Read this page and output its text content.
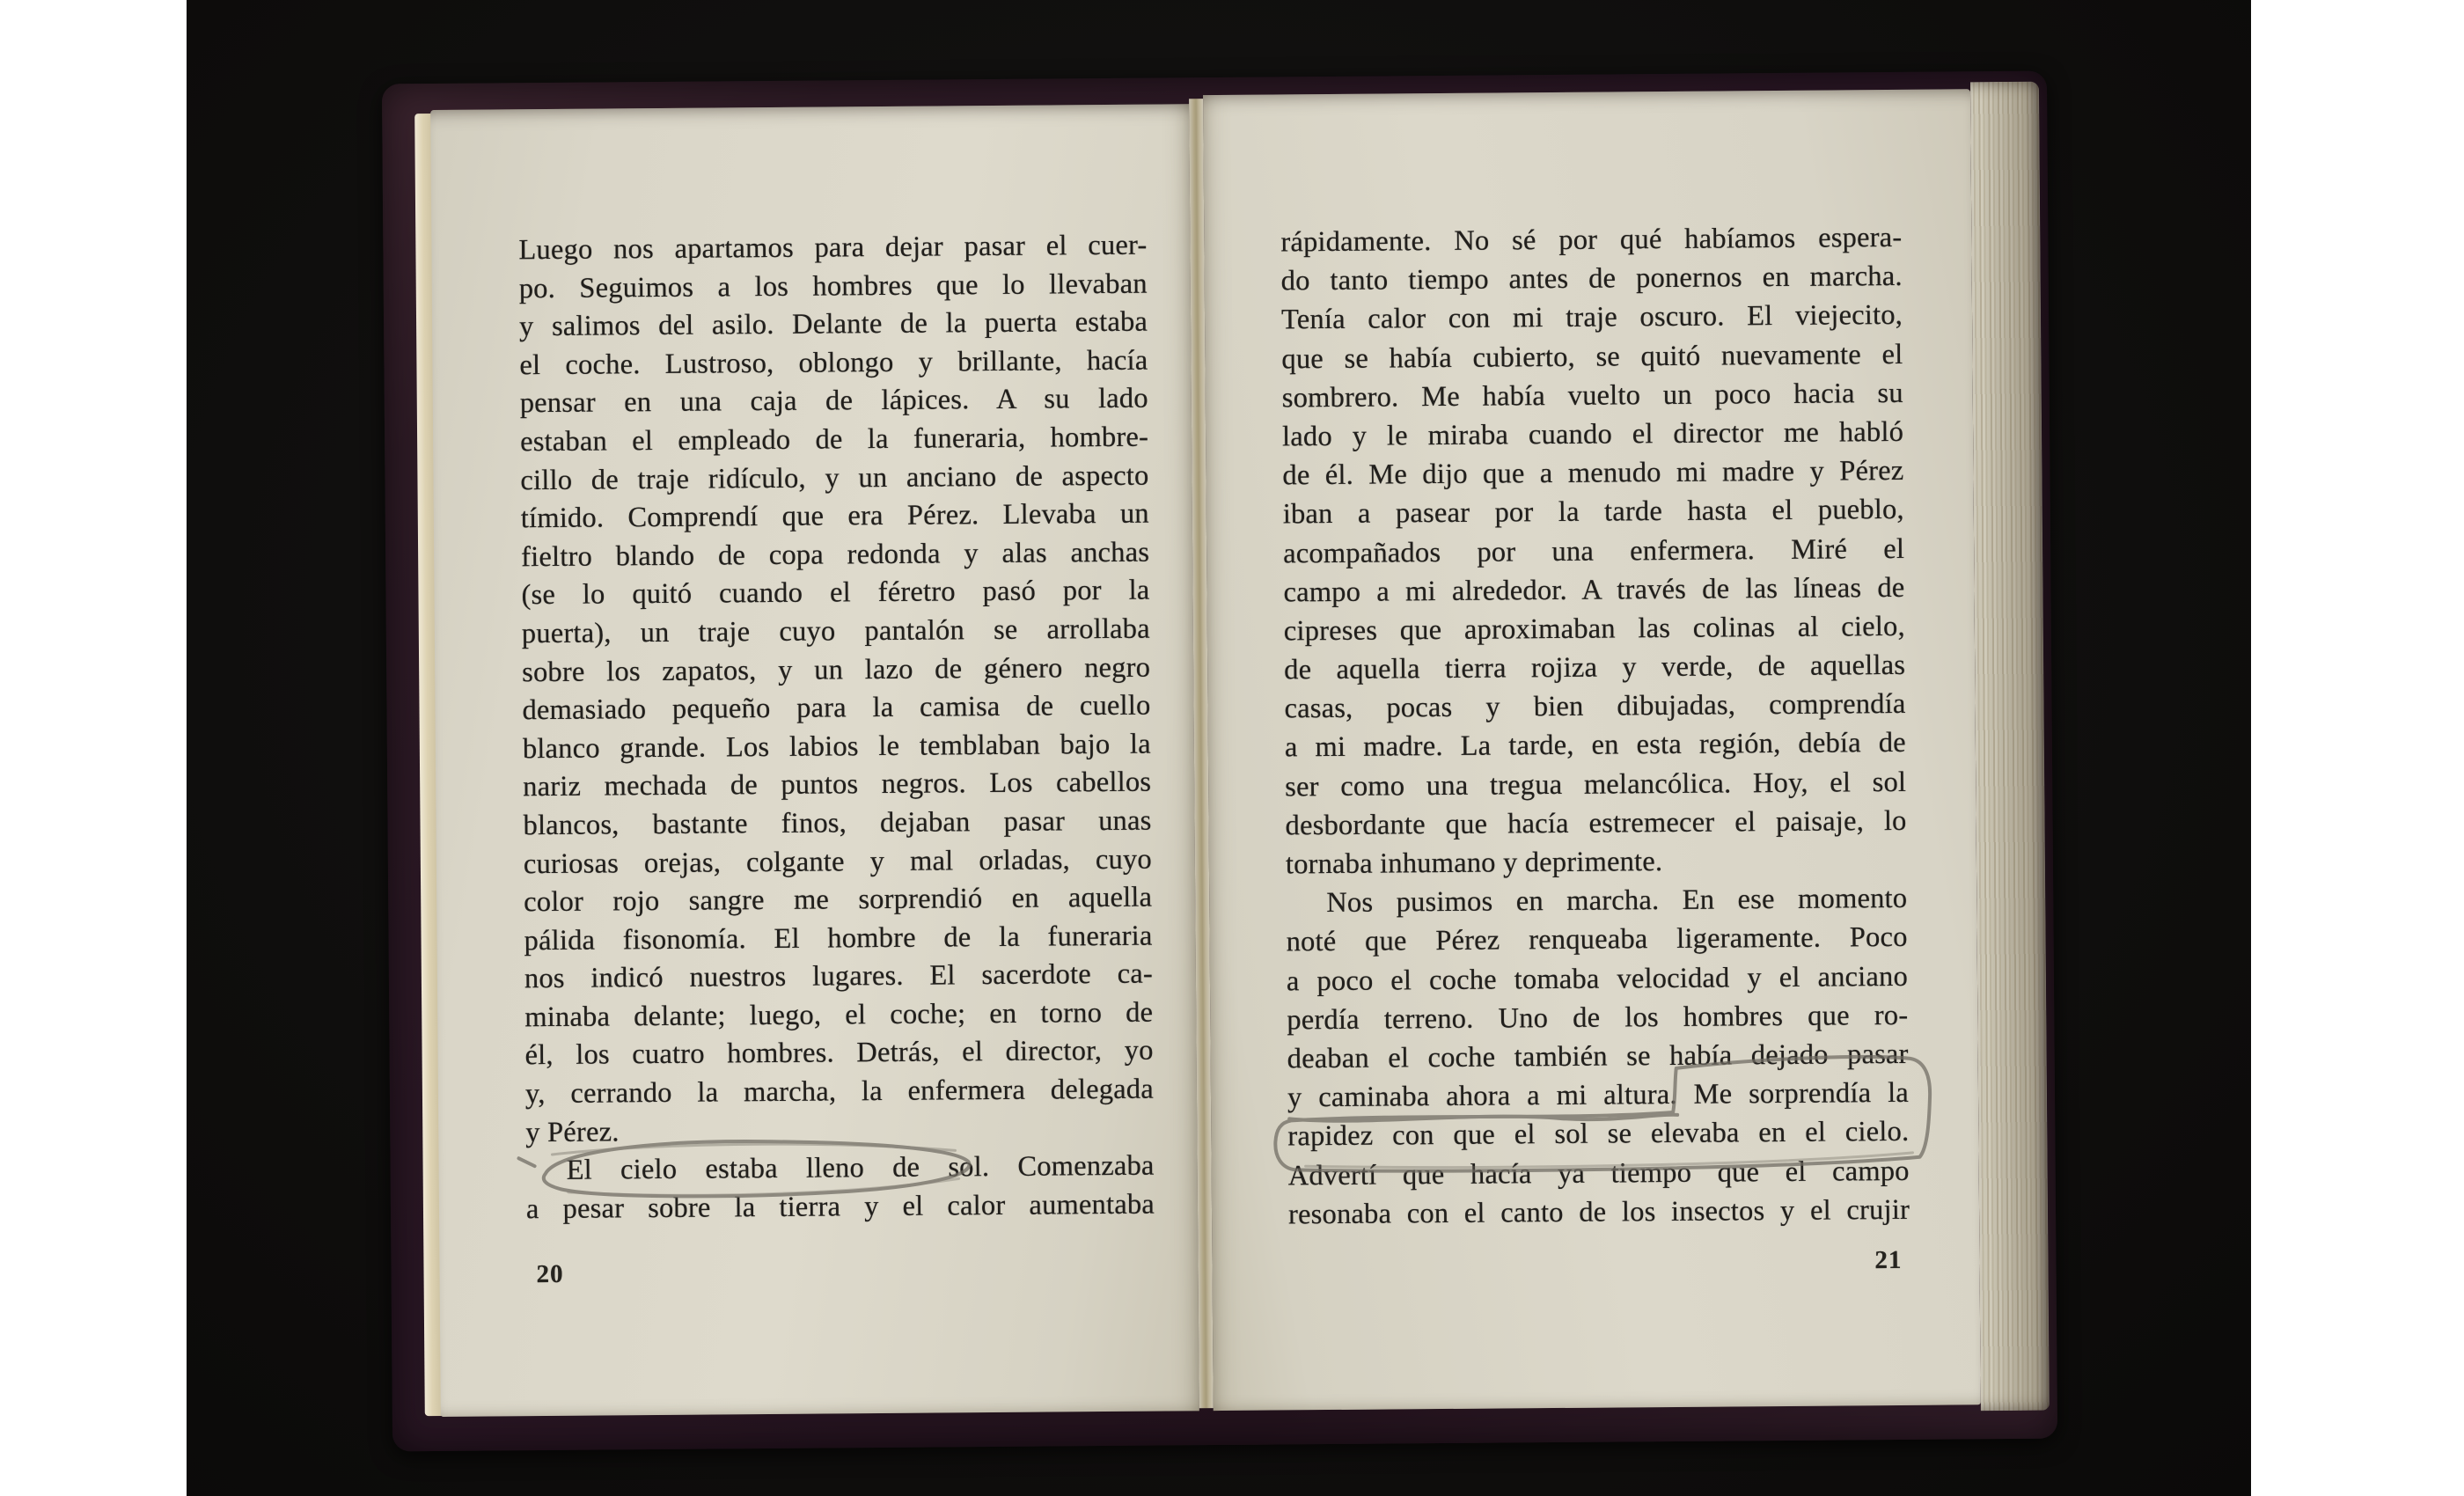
Luego nos apartamos para dejar pasar el cuer-
po. Seguimos a los hombres que lo llevaban
y salimos del asilo. Delante de la puerta estaba
el coche. Lustroso, oblongo y brillante, hacía
pensar en una caja de lápices. A su lado
estaban el empleado de la funeraria, hombre-
cillo de traje ridículo, y un anciano de aspecto
tímido. Comprendí que era Pérez. Llevaba un
fieltro blando de copa redonda y alas anchas
(se lo quitó cuando el féretro pasó por la
puerta), un traje cuyo pantalón se arrollaba
sobre los zapatos, y un lazo de género negro
demasiado pequeño para la camisa de cuello
blanco grande. Los labios le temblaban bajo la
nariz mechada de puntos negros. Los cabellos
blancos, bastante finos, dejaban pasar unas
curiosas orejas, colgante y mal orladas, cuyo
color rojo sangre me sorprendió en aquella
pálida fisonomía. El hombre de la funeraria
nos indicó nuestros lugares. El sacerdote ca-
minaba delante; luego, el coche; en torno de
él, los cuatro hombres. Detrás, el director, yo
y, cerrando la marcha, la enfermera delegada
y Pérez.
El cielo estaba lleno de sol. Comenzaba
a pesar sobre la tierra y el calor aumentaba
rápidamente. No sé por qué habíamos espera-
do tanto tiempo antes de ponernos en marcha.
Tenía calor con mi traje oscuro. El viejecito,
que se había cubierto, se quitó nuevamente el
sombrero. Me había vuelto un poco hacia su
lado y le miraba cuando el director me habló
de él. Me dijo que a menudo mi madre y Pérez
iban a pasear por la tarde hasta el pueblo,
acompañados por una enfermera. Miré el
campo a mi alrededor. A través de las líneas de
cipreses que aproximaban las colinas al cielo,
de aquella tierra rojiza y verde, de aquellas
casas, pocas y bien dibujadas, comprendía
a mi madre. La tarde, en esta región, debía de
ser como una tregua melancólica. Hoy, el sol
desbordante que hacía estremecer el paisaje, lo
tornaba inhumano y deprimente.
Nos pusimos en marcha. En ese momento
noté que Pérez renqueaba ligeramente. Poco
a poco el coche tomaba velocidad y el anciano
perdía terreno. Uno de los hombres que ro-
deaban el coche también se había dejado pasar
y caminaba ahora a mi altura. Me sorprendía la
rapidez con que el sol se elevaba en el cielo.
Advertí que hacía ya tiempo que el campo
resonaba con el canto de los insectos y el crujir
20	21
